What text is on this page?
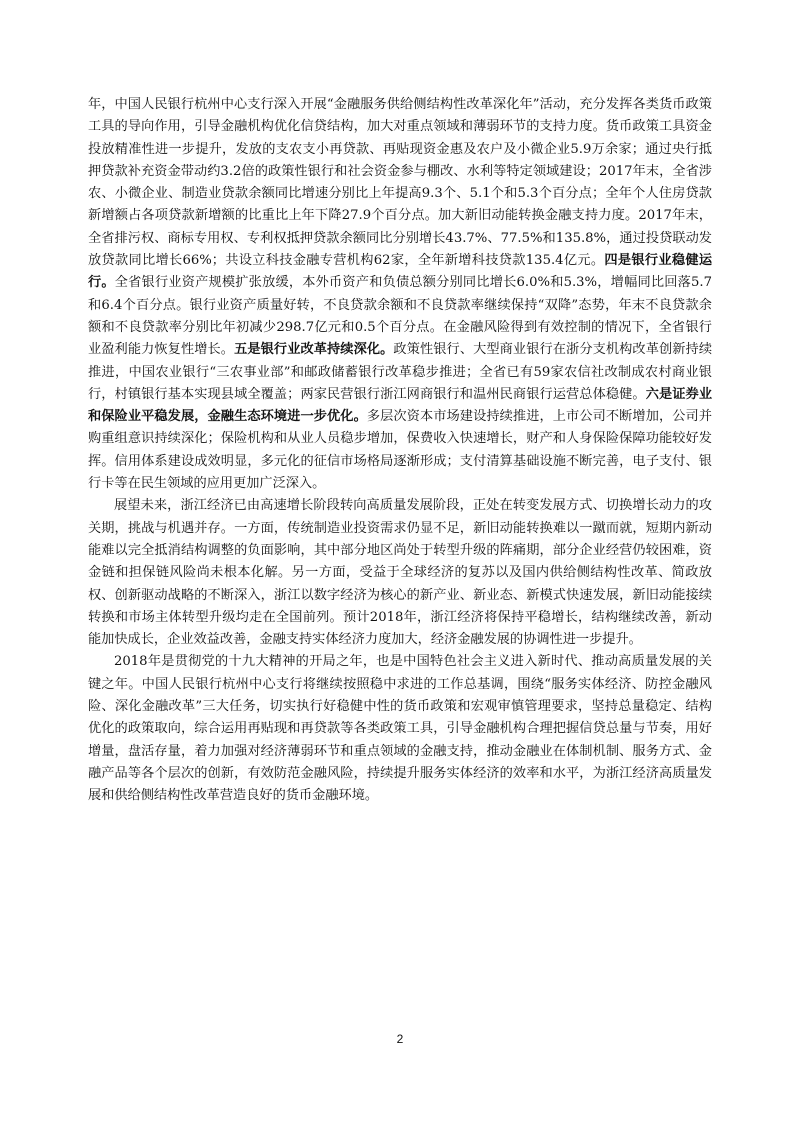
年，中国人民银行杭州中心支行深入开展“金融服务供给侧结构性改革深化年”活动，充分发挥各类货币政策工具的导向作用，引导金融机构优化信贷结构，加大对重点领域和薄弱环节的支持力度。货币政策工具资金投放精准性进一步提升，发放的支农支小再贷款、再贴现资金惠及农户及小微企业5.9万余家；通过央行抵押贷款补充资金带动约3.2倍的政策性银行和社会资金参与棚改、水利等特定领域建设；2017年末，全省涉农、小微企业、制造业贷款余额同比增速分别比上年提高9.3个、5.1个和5.3个百分点；全年个人住房贷款新增额占各项贷款新增额的比重比上年下降27.9个百分点。加大新旧动能转换金融支持力度。2017年末，全省排污权、商标专用权、专利权抵押贷款余额同比分别增长43.7%、77.5%和135.8%，通过投贷联动发放贷款同比增长66%；共设立科技金融专营机构62家，全年新增科技贷款135.4亿元。四是银行业稳健运行。全省银行业资产规模扩张放缓，本外币资产和负债总额分别同比增长6.0%和5.3%，增幅同比回落5.7和6.4个百分点。银行业资产质量好转，不良贷款余额和不良贷款率继续保持“双降”态势，年末不良贷款余额和不良贷款率分别比年初减少298.7亿元和0.5个百分点。在金融风险得到有效控制的情况下，全省银行业盈利能力恢复性增长。五是银行业改革持续深化。政策性银行、大型商业银行在浙分支机构改革创新持续推进，中国农业银行“三农事业部”和邮政储蓄银行改革稳步推进；全省已有59家农信社改制成农村商业银行，村镇银行基本实现县域全覆盖；两家民营银行浙江网商银行和温州民商银行运营总体稳健。六是证券业和保险业平稳发展，金融生态环境进一步优化。多层次资本市场建设持续推进，上市公司不断增加，公司并购重组意识持续深化；保险机构和从业人员稳步增加，保费收入快速增长，财产和人身保险保障功能较好发挥。信用体系建设成效明显，多元化的征信市场格局逐渐形成；支付清算基础设施不断完善，电子支付、银行卡等在民生领域的应用更加广泛深入。

展望未来，浙江经济已由高速增长阶段转向高质量发展阶段，正处在转变发展方式、切换增长动力的攻关期，挑战与机遇并存。一方面，传统制造业投资需求仍显不足，新旧动能转换难以一蹴而就，短期内新动能难以完全抵消结构调整的负面影响，其中部分地区尚处于转型升级的阵痛期，部分企业经营仍较困难，资金链和担保链风险尚未根本化解。另一方面，受益于全球经济的复苏以及国内供给侧结构性改革、简政放权、创新驱动战略的不断深入，浙江以数字经济为核心的新产业、新业态、新模式快速发展，新旧动能接续转换和市场主体转型升级均走在全国前列。预计2018年，浙江经济将保持平稳增长，结构继续改善，新动能加快成长，企业效益改善，金融支持实体经济力度加大，经济金融发展的协调性进一步提升。

2018年是贯彻党的十九大精神的开局之年，也是中国特色社会主义进入新时代、推动高质量发展的关键之年。中国人民银行杭州中心支行将继续按照稳中求进的工作总基调，围绕“服务实体经济、防控金融风险、深化金融改革”三大任务，切实执行好稳健中性的货币政策和宏观审慎管理要求，坚持总量稳定、结构优化的政策取向，综合运用再贴现和再贷款等各类政策工具，引导金融机构合理把握信贷总量与节奏，用好增量，盘活存量，着力加强对经济薄弱环节和重点领域的金融支持，推动金融业在体制机制、服务方式、金融产品等各个层次的创新，有效防范金融风险，持续提升服务实体经济的效率和水平，为浙江经济高质量发展和供给侧结构性改革营造良好的货币金融环境。

2
